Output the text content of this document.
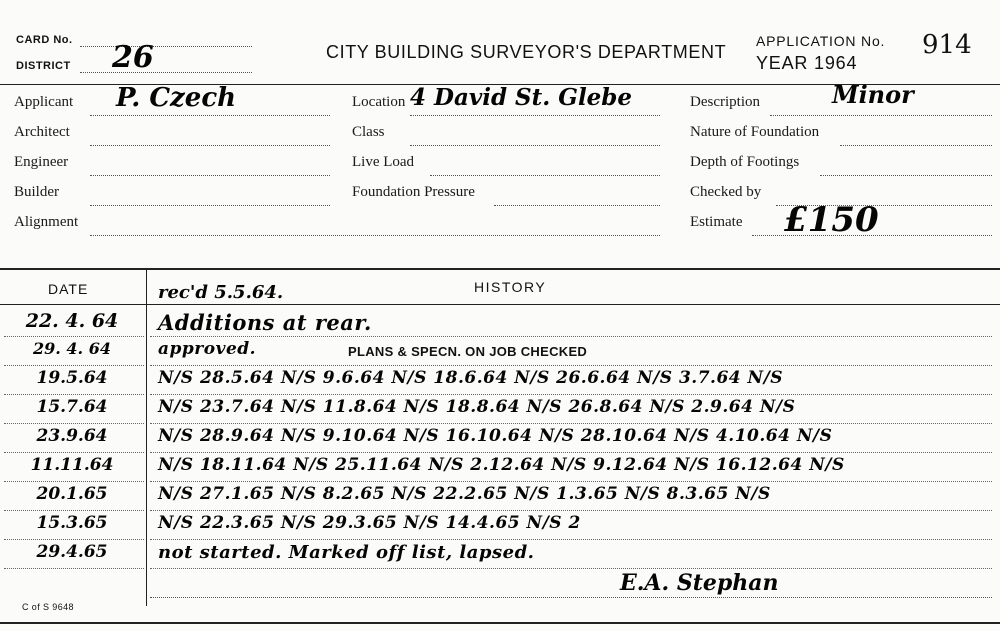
CARD No.
DISTRICT 26	CITY BUILDING SURVEYOR'S DEPARTMENT
APPLICATION No. 914
YEAR 1964
Applicant P. Czech
Architect
Engineer
Builder
Alignment
Location 4 David St. Glebe
Class
Live Load
Foundation Pressure
Description	Minor
Nature of Foundation
Depth of Footings
Checked by
Estimate £150
DATE	HISTORY
rec'd 5.5.64.
22. 4. 64	Additions at rear.
29. 4. 64	approved.	PLANS & SPECN. ON JOB CHECKED
19.5.64	N/S 28.5.64 N/S 9.6.64 N/S 18.6.64 N/S 26.6.64 N/S 3.7.64 N/S
15.7.64	N/S 23.7.64 N/S 11.8.64 N/S 18.8.64 N/S 26.8.64 N/S 2.9.64 N/S
23.9.64	N/S 28.9.64 N/S 9.10.64 N/S 16.10.64 N/S 28.10.64 N/S 4.10.64 N/S
11.11.64	N/S 18.11.64 N/S 25.11.64 N/S 2.12.64 N/S 9.12.64 N/S 16.12.64 N/S
20.1.65	N/S 27.1.65 N/S 8.2.65 N/S 22.2.65 N/S 1.3.65 N/S 8.3.65 N/S
15.3.65	N/S 22.3.65 N/S 29.3.65 N/S 14.4.65 N/S 2
29.4.65	not started. Marked off list, lapsed.
E.A. Stephan
C of S 9648
